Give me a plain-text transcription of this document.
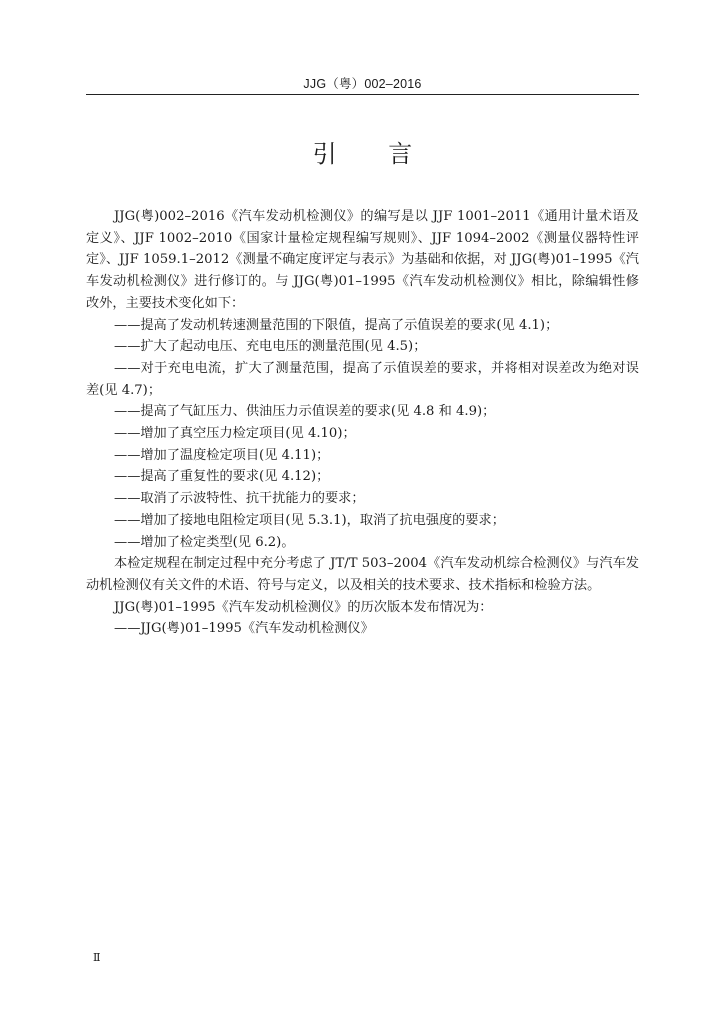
JJG（粤）002–2016
引 言

JJG(粤)002–2016《汽车发动机检测仪》的编写是以 JJF 1001–2011《通用计量术语及定义》、JJF 1002–2010《国家计量检定规程编写规则》、JJF 1094–2002《测量仪器特性评定》、JJF 1059.1–2012《测量不确定度评定与表示》为基础和依据，对 JJG(粤)01–1995《汽车发动机检测仪》进行修订的。与 JJG(粤)01–1995《汽车发动机检测仪》相比，除编辑性修改外，主要技术变化如下：

——提高了发动机转速测量范围的下限值，提高了示值误差的要求(见 4.1)；

——扩大了起动电压、充电电压的测量范围(见 4.5)；

——对于充电电流，扩大了测量范围，提高了示值误差的要求，并将相对误差改为绝对误差(见 4.7)；

——提高了气缸压力、供油压力示值误差的要求(见 4.8 和 4.9)；

——增加了真空压力检定项目(见 4.10)；

——增加了温度检定项目(见 4.11)；

——提高了重复性的要求(见 4.12)；

——取消了示波特性、抗干扰能力的要求；

——增加了接地电阻检定项目(见 5.3.1)，取消了抗电强度的要求；

——增加了检定类型(见 6.2)。

本检定规程在制定过程中充分考虑了 JT/T 503–2004《汽车发动机综合检测仪》与汽车发动机检测仪有关文件的术语、符号与定义，以及相关的技术要求、技术指标和检验方法。

JJG(粤)01–1995《汽车发动机检测仪》的历次版本发布情况为：

——JJG(粤)01–1995《汽车发动机检测仪》

Ⅱ
